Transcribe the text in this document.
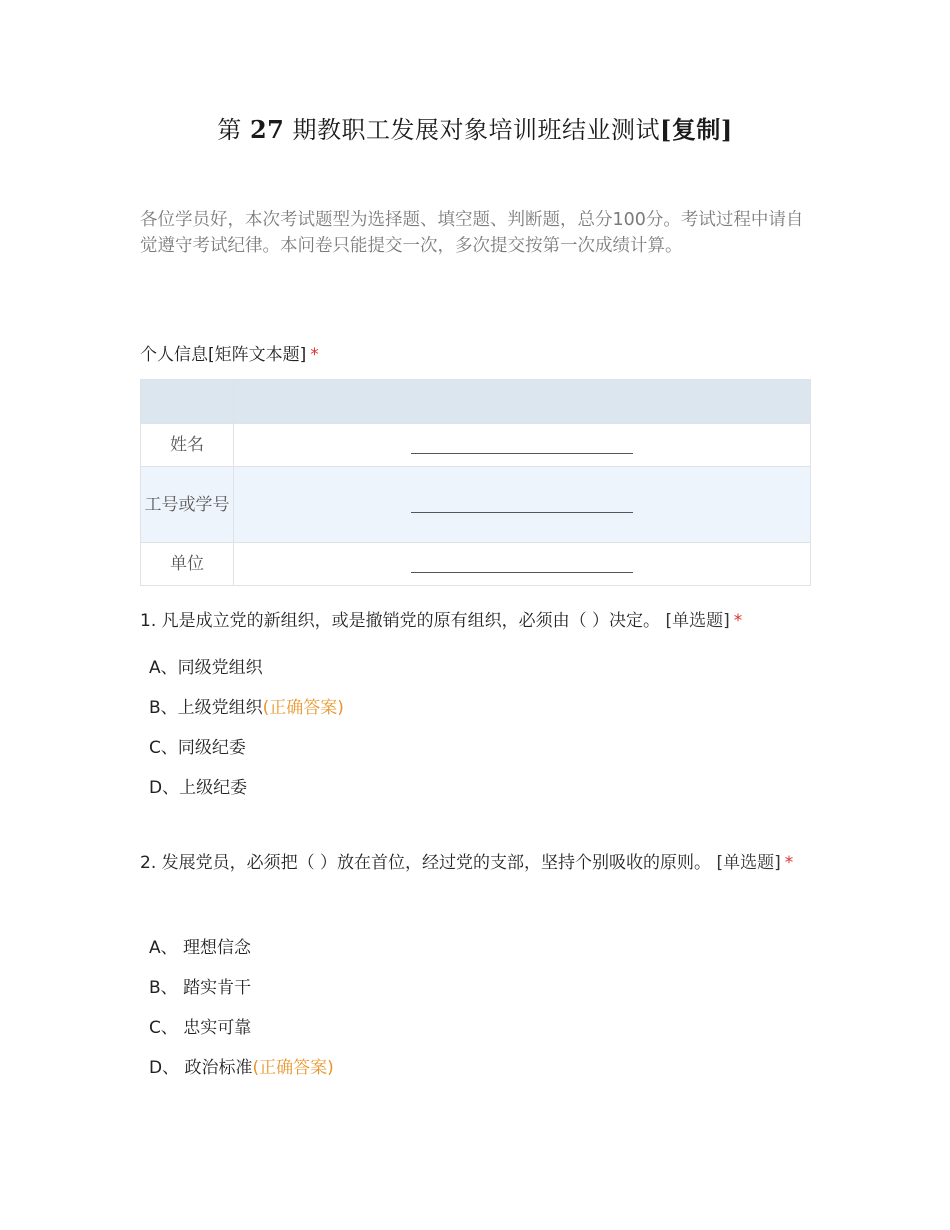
第 27 期教职工发展对象培训班结业测试[复制]
各位学员好，本次考试题型为选择题、填空题、判断题，总分100分。考试过程中请自觉遵守考试纪律。本问卷只能提交一次，多次提交按第一次成绩计算。
个人信息[矩阵文本题] *

姓名	
工号或学号	
单位	
1. 凡是成立党的新组织，或是撤销党的原有组织，必须由（ ）决定。 [单选题] *
A、同级党组织
B、上级党组织(正确答案)
C、同级纪委
D、上级纪委
2. 发展党员，必须把（ ）放在首位，经过党的支部，坚持个别吸收的原则。 [单选题] *
A、 理想信念
B、 踏实肯干
C、 忠实可靠
D、 政治标准(正确答案)
